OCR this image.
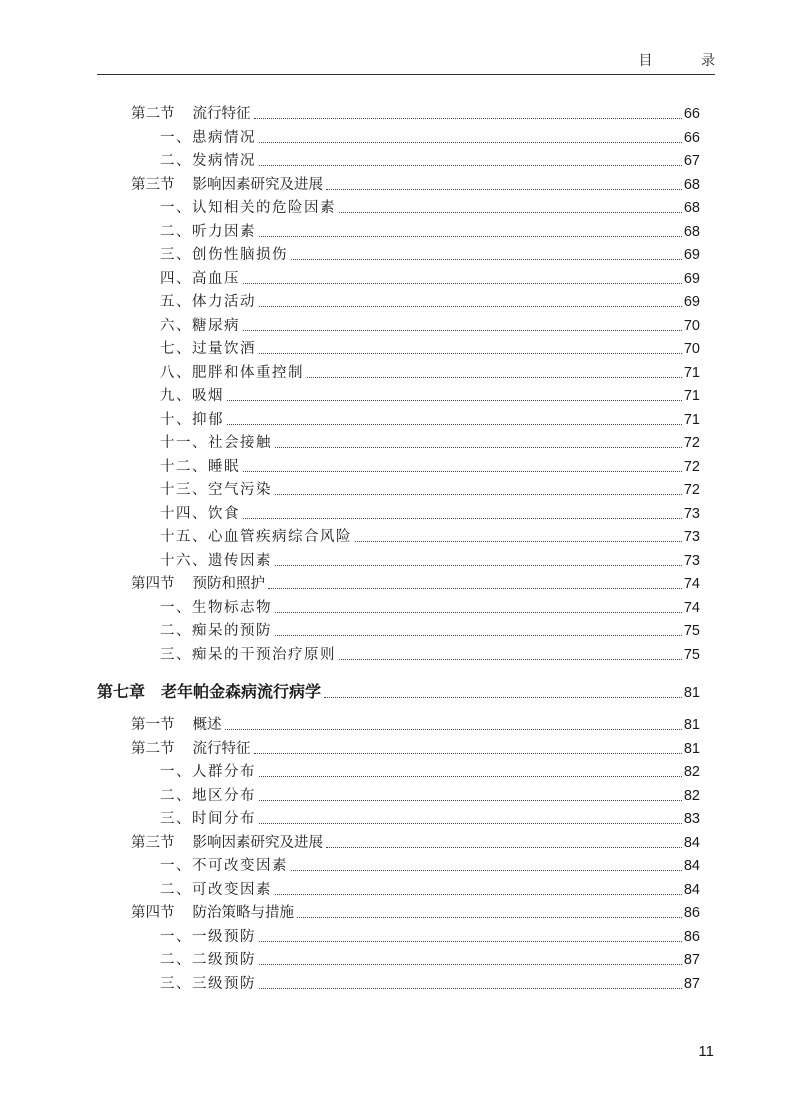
目 录
第二节 流行特征	66
一、患病情况	66
二、发病情况	67
第三节 影响因素研究及进展	68
一、认知相关的危险因素	68
二、听力因素	68
三、创伤性脑损伤	69
四、高血压	69
五、体力活动	69
六、糖尿病	70
七、过量饮酒	70
八、肥胖和体重控制	71
九、吸烟	71
十、抑郁	71
十一、社会接触	72
十二、睡眠	72
十三、空气污染	72
十四、饮食	73
十五、心血管疾病综合风险	73
十六、遗传因素	73
第四节 预防和照护	74
一、生物标志物	74
二、痴呆的预防	75
三、痴呆的干预治疗原则	75
第七章 老年帕金森病流行病学	81
第一节 概述	81
第二节 流行特征	81
一、人群分布	82
二、地区分布	82
三、时间分布	83
第三节 影响因素研究及进展	84
一、不可改变因素	84
二、可改变因素	84
第四节 防治策略与措施	86
一、一级预防	86
二、二级预防	87
三、三级预防	87
11
